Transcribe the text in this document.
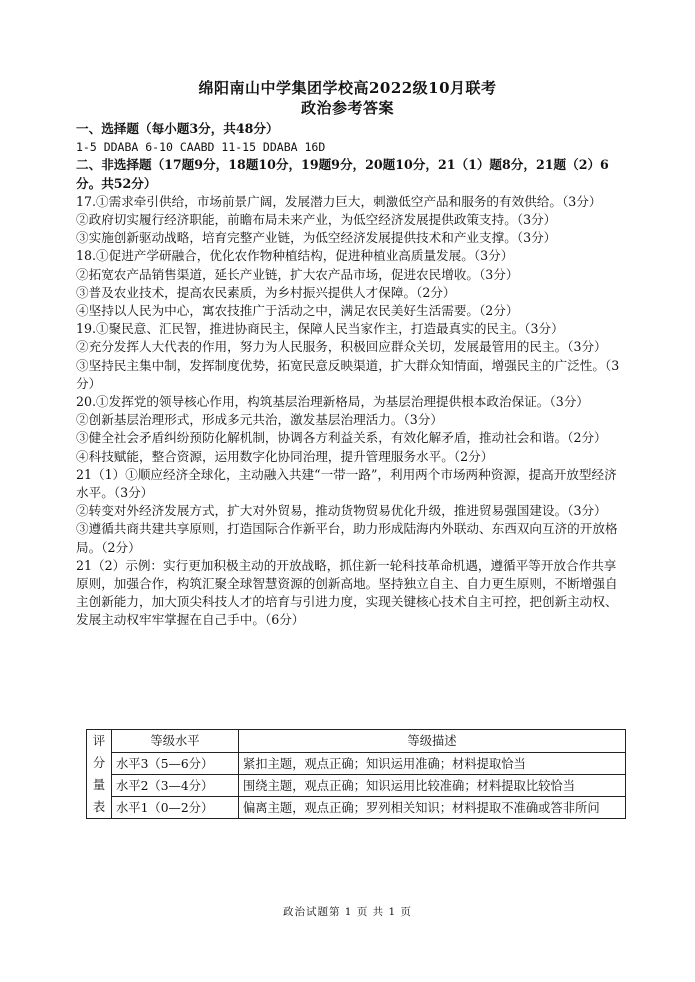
绵阳南山中学集团学校高2022级10月联考
政治参考答案
一、选择题（每小题3分，共48分）
1-5 DDABA 6-10 CAABD 11-15 DDABA 16D
二、非选择题（17题9分，18题10分，19题9分，20题10分，21（1）题8分，21题（2）6分。共52分）
17.①需求牵引供给，市场前景广阔，发展潜力巨大，刺激低空产品和服务的有效供给。（3分）
②政府切实履行经济职能，前瞻布局未来产业，为低空经济发展提供政策支持。（3分）
③实施创新驱动战略，培育完整产业链，为低空经济发展提供技术和产业支撑。（3分）
18.①促进产学研融合，优化农作物种植结构，促进种植业高质量发展。（3分）
②拓宽农产品销售渠道，延长产业链，扩大农产品市场，促进农民增收。（3分）
③普及农业技术，提高农民素质，为乡村振兴提供人才保障。（2分）
④坚持以人民为中心，寓农技推广于活动之中，满足农民美好生活需要。（2分）
19.①聚民意、汇民智，推进协商民主，保障人民当家作主，打造最真实的民主。（3分）
②充分发挥人大代表的作用，努力为人民服务，积极回应群众关切，发展最管用的民主。（3分）
③坚持民主集中制，发挥制度优势，拓宽民意反映渠道，扩大群众知情面，增强民主的广泛性。（3分）
20.①发挥党的领导核心作用，构筑基层治理新格局，为基层治理提供根本政治保证。（3分）
②创新基层治理形式，形成多元共治，激发基层治理活力。（3分）
③健全社会矛盾纠纷预防化解机制，协调各方利益关系，有效化解矛盾，推动社会和谐。（2分）
④科技赋能，整合资源，运用数字化协同治理，提升管理服务水平。（2分）
21（1）①顺应经济全球化，主动融入共建“一带一路”，利用两个市场两种资源，提高开放型经济水平。（3分）
②转变对外经济发展方式，扩大对外贸易，推动货物贸易优化升级，推进贸易强国建设。（3分）
③遵循共商共建共享原则，打造国际合作新平台，助力形成陆海内外联动、东西双向互济的开放格局。（2分）
21（2）示例：实行更加积极主动的开放战略，抓住新一轮科技革命机遇，遵循平等开放合作共享原则，加强合作，构筑汇聚全球智慧资源的创新高地。坚持独立自主、自力更生原则，不断增强自主创新能力，加大顶尖科技人才的培育与引进力度，实现关键核心技术自主可控，把创新主动权、发展主动权牢牢掌握在自己手中。（6分）
评分量表	等级水平	等级描述
	水平3（5—6分）	紧扣主题，观点正确；知识运用准确；材料提取恰当
	水平2（3—4分）	围绕主题，观点正确；知识运用比较准确；材料提取比较恰当
	水平1（0—2分）	偏离主题，观点正确；罗列相关知识；材料提取不准确或答非所问
政治试题第 1 页 共 1 页
